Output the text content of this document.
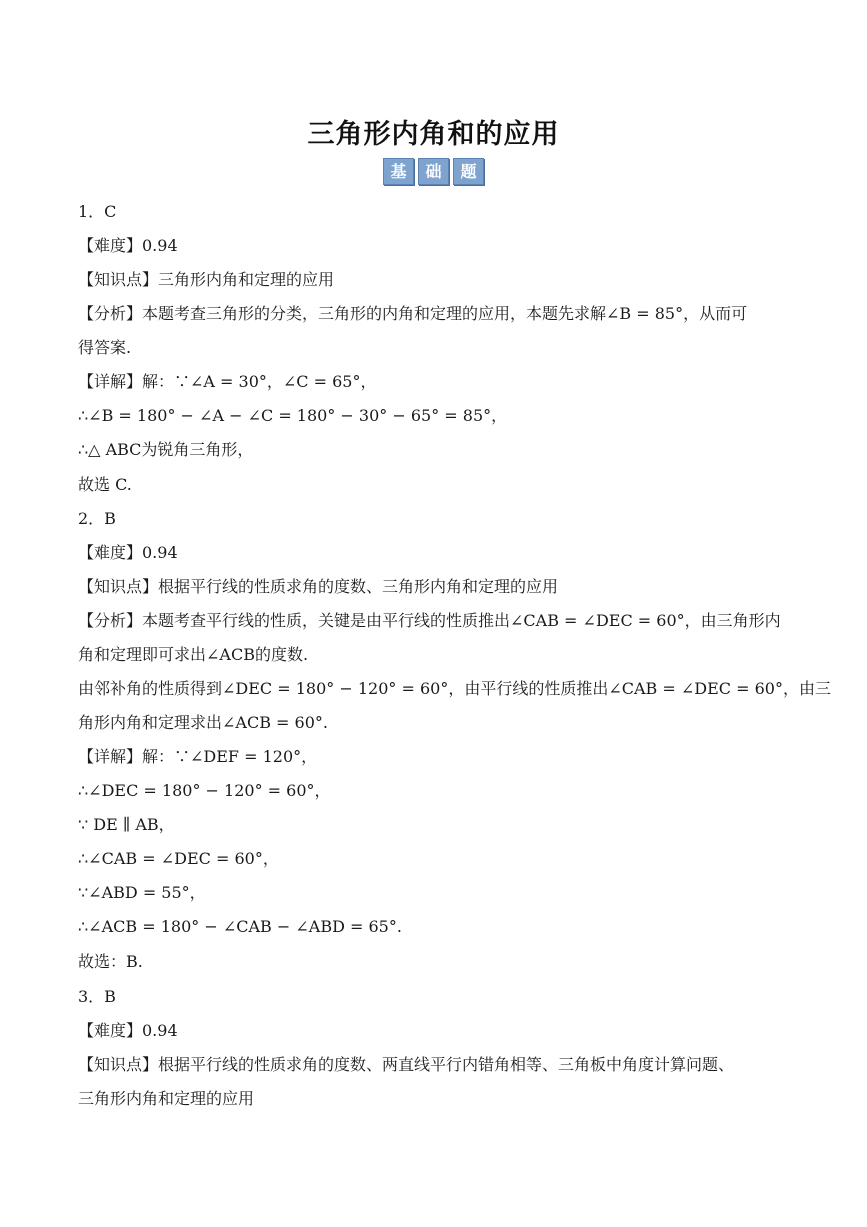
三角形内角和的应用
基	础	题
1．C
【难度】0.94
【知识点】三角形内角和定理的应用
【分析】本题考查三角形的分类，三角形的内角和定理的应用，本题先求解∠B = 85°，从而可
得答案.
【详解】解：∵∠A = 30°，∠C = 65°，
∴∠B = 180° − ∠A − ∠C = 180° − 30° − 65° = 85°，
∴△ ABC为锐角三角形，
故选 C.
2．B
【难度】0.94
【知识点】根据平行线的性质求角的度数、三角形内角和定理的应用
【分析】本题考查平行线的性质，关键是由平行线的性质推出∠CAB = ∠DEC = 60°，由三角形内
角和定理即可求出∠ACB的度数.
由邻补角的性质得到∠DEC = 180° − 120° = 60°，由平行线的性质推出∠CAB = ∠DEC = 60°，由三
角形内角和定理求出∠ACB = 60°.
【详解】解：∵∠DEF = 120°，
∴∠DEC = 180° − 120° = 60°，
∵ DE ∥ AB，
∴∠CAB = ∠DEC = 60°，
∵∠ABD = 55°，
∴∠ACB = 180° − ∠CAB − ∠ABD = 65°.
故选：B.
3．B
【难度】0.94
【知识点】根据平行线的性质求角的度数、两直线平行内错角相等、三角板中角度计算问题、
三角形内角和定理的应用
